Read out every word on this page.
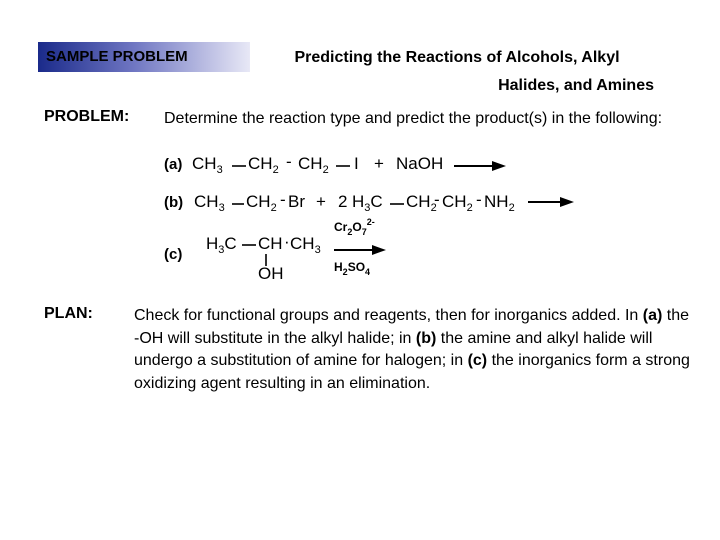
SAMPLE PROBLEM	Predicting the Reactions of Alcohols, Alkyl
Halides, and Amines
PROBLEM: Determine the reaction type and predict the product(s) in the following:
(a) $CH_3$ $CH_2 - CH_2$ I + NaOH
(b) $CH_3$ $CH_2 - Br + 2$ $H_3C$ $CH_2$
- $CH_2 - NH_2$
(c)
$H_3C$ CH · $CH_3$
OH
$Cr_2O_7^{2-}$
$H_2SO_4$
PLAN:	Check for functional groups and reagents, then for inorganics added. In (a) the -OH will substitute in the alkyl halide; in (b) the amine and alkyl halide will undergo a substitution of amine for halogen; in (c) the inorganics form a strong oxidizing agent resulting in an elimination.
